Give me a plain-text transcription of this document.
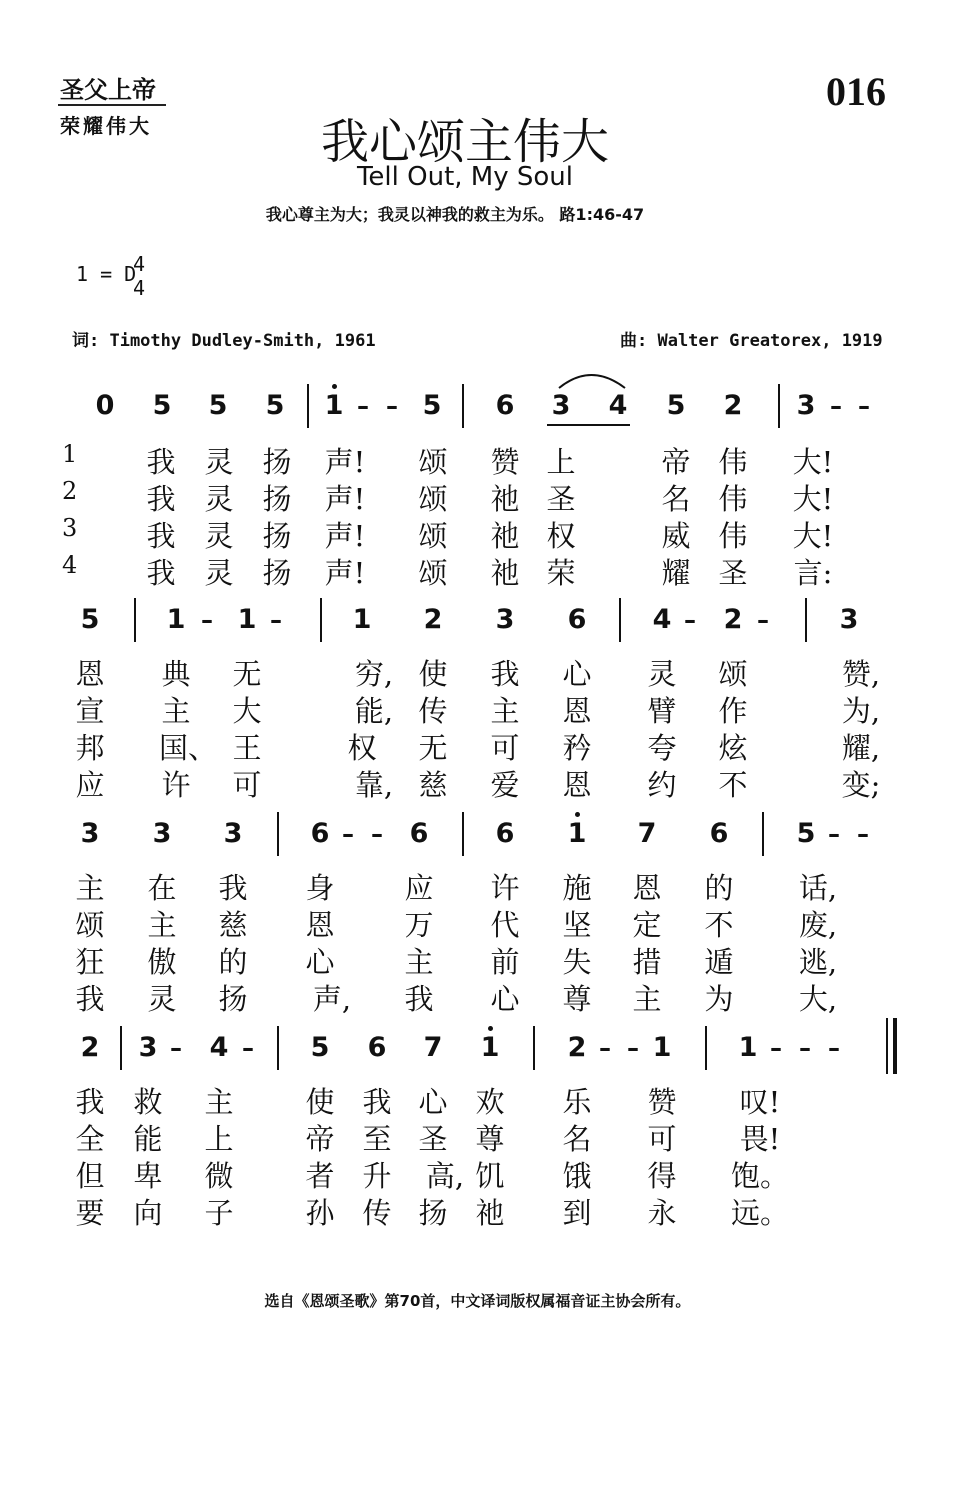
圣父上帝
荣耀伟大
016
我心颂主伟大
Tell Out, My Soul
我心尊主为大；我灵以神我的救主为乐。 路1:46-47
1 = D
4
4
词: Timothy Dudley-Smith, 1961	曲: Walter Greatorex, 1919
0 5 5 5 1 – – 5 6 3 4 5 2 3 – –
1 我 灵 扬 声! 颂 赞 上	帝 伟 大!
2 我 灵 扬 声! 颂 祂 圣	名 伟 大!
3 我 灵 扬 声! 颂 祂 权	威 伟 大!
4 我 灵 扬 声! 颂 祂 荣	耀 圣 言:
5 1 – 1 –	1 2 3 6 4 – 2 –	3
恩 典 无	穷, 使 我 心 灵 颂	赞,
宣 主 大	能, 传 主 恩 臂 作	为,
邦 国、 王	权 无 可 矜 夸 炫	耀,
应 许 可	靠, 慈 爱 恩 约 不	变;
3 3 3	6 – – 6 6 1 7 6	5 – –
主 在 我 身 应 许 施 恩 的 话,
颂 主 慈 恩 万 代 坚 定 不 废,
狂 傲 的 心 主 前 失 措 遁 逃,
我 灵 扬 声, 我 心 尊 主 为 大,
2 3 – 4 – 5 6 7 1	2 – – 1 1 – – –
我 救 主 使 我 心 欢 乐 赞 叹!
全 能 上 帝 至 圣 尊 名 可 畏!
但 卑 微 者 升 高, 饥 饿 得 饱。
要 向 子 孙 传 扬 祂 到 永 远。
选自《恩颂圣歌》第70首，中文译词版权属福音证主协会所有。
